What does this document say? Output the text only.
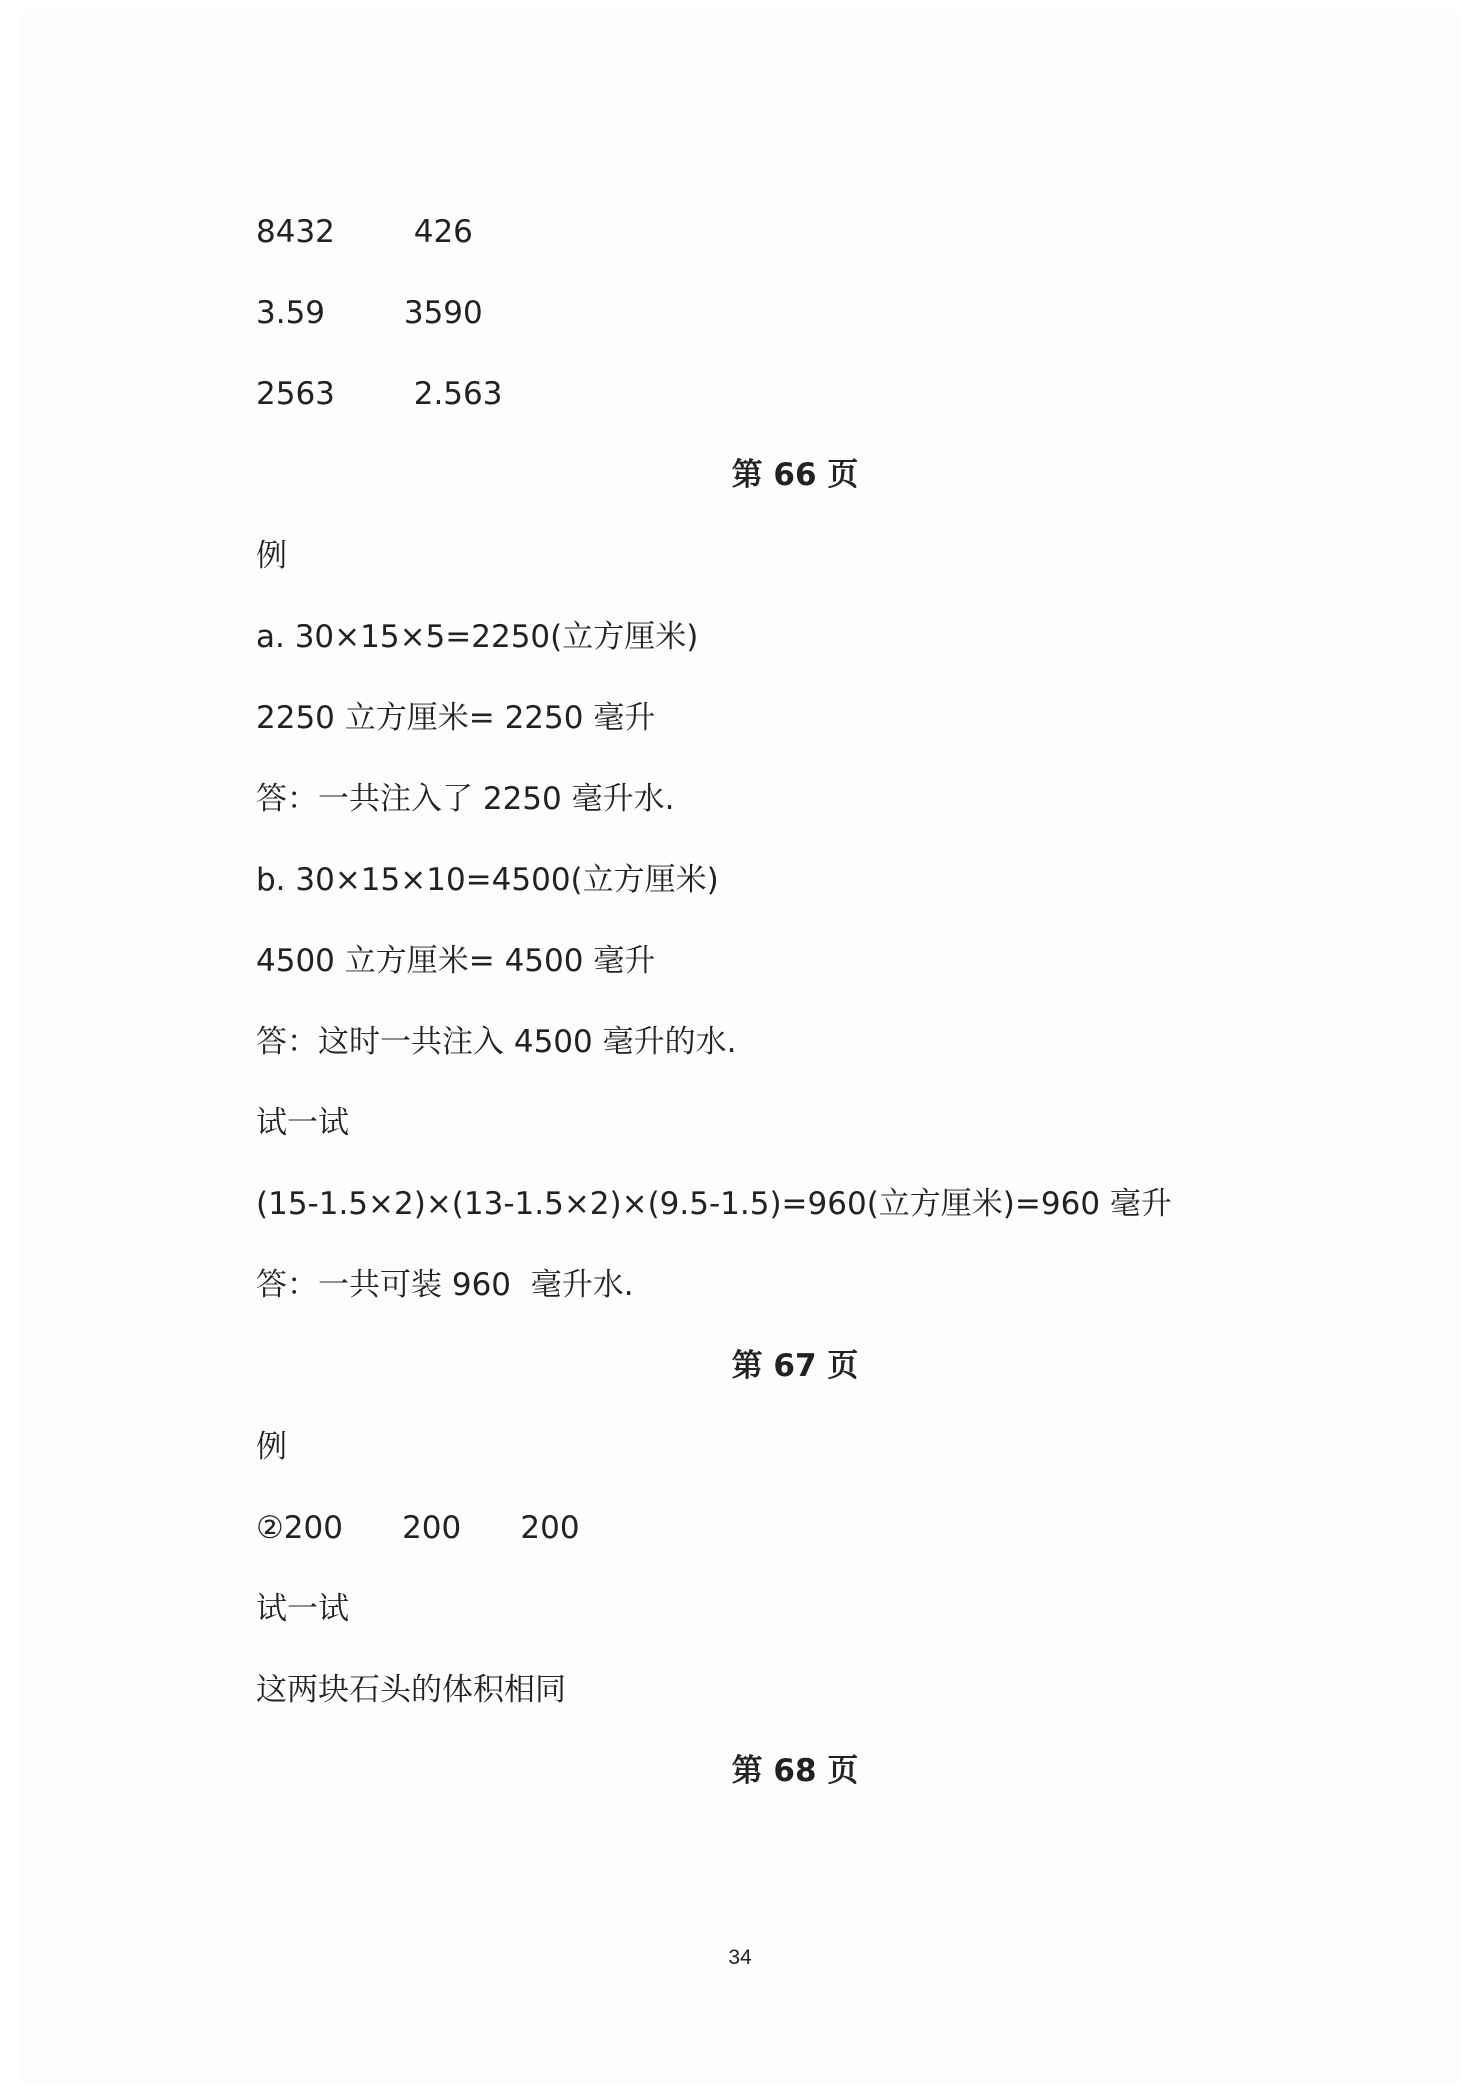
8432        426
3.59        3590
2563        2.563
第 66 页
例
a. 30×15×5=2250(立方厘米)
2250 立方厘米= 2250 毫升
答：一共注入了 2250 毫升水.
b. 30×15×10=4500(立方厘米)
4500 立方厘米= 4500 毫升
答：这时一共注入 4500 毫升的水.
试一试
(15-1.5×2)×(13-1.5×2)×(9.5-1.5)=960(立方厘米)=960 毫升
答：一共可装 960  毫升水.
第 67 页
例
②200      200      200
试一试
这两块石头的体积相同
第 68 页
34
